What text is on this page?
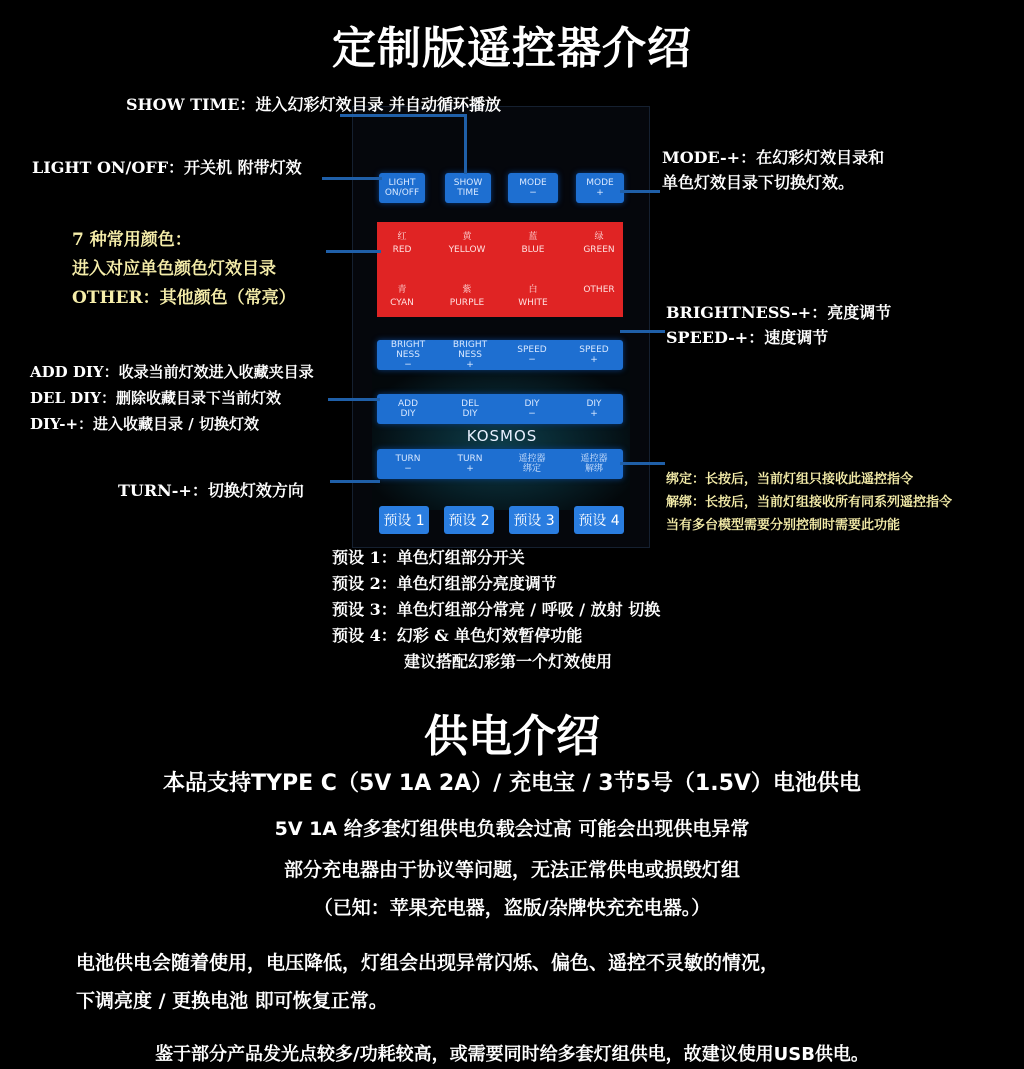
定制版遥控器介绍
LIGHT
ON/OFF
SHOW
TIME
MODE
−
MODE
+
红
RED
黄
YELLOW
蓝
BLUE
绿
GREEN
青
CYAN
紫
PURPLE
白
WHITE
OTHER
BRIGHT
NESS
−
BRIGHT
NESS
+
SPEED
−
SPEED
+
ADD
DIY
DEL
DIY
DIY
−
DIY
+
KOSMOS
TURN
−
TURN
+
遥控器
绑定
遥控器
解绑
预设 1	预设 2	预设 3	预设 4
SHOW TIME：进入幻彩灯效目录 并自动循环播放
LIGHT ON/OFF：开关机 附带灯效
MODE-+：在幻彩灯效目录和
单色灯效目录下切换灯效。
7 种常用颜色：
进入对应单色颜色灯效目录
OTHER：其他颜色（常亮）
BRIGHTNESS-+：亮度调节
SPEED-+：速度调节
ADD DIY：收录当前灯效进入收藏夹目录
DEL DIY：删除收藏目录下当前灯效
DIY-+：进入收藏目录 / 切换灯效
TURN-+：切换灯效方向
绑定：长按后，当前灯组只接收此遥控指令
解绑：长按后，当前灯组接收所有同系列遥控指令
当有多台模型需要分别控制时需要此功能
预设 1：单色灯组部分开关
预设 2：单色灯组部分亮度调节
预设 3：单色灯组部分常亮 / 呼吸 / 放射 切换
预设 4：幻彩 & 单色灯效暂停功能
建议搭配幻彩第一个灯效使用
供电介绍
本品支持TYPE C（5V 1A 2A）/ 充电宝 / 3节5号（1.5V）电池供电
5V 1A 给多套灯组供电负载会过高 可能会出现供电异常
部分充电器由于协议等问题，无法正常供电或损毁灯组
（已知：苹果充电器，盗版/杂牌快充充电器。）
电池供电会随着使用，电压降低，灯组会出现异常闪烁、偏色、遥控不灵敏的情况，
下调亮度 / 更换电池 即可恢复正常。
鉴于部分产品发光点较多/功耗较高，或需要同时给多套灯组供电，故建议使用USB供电。
